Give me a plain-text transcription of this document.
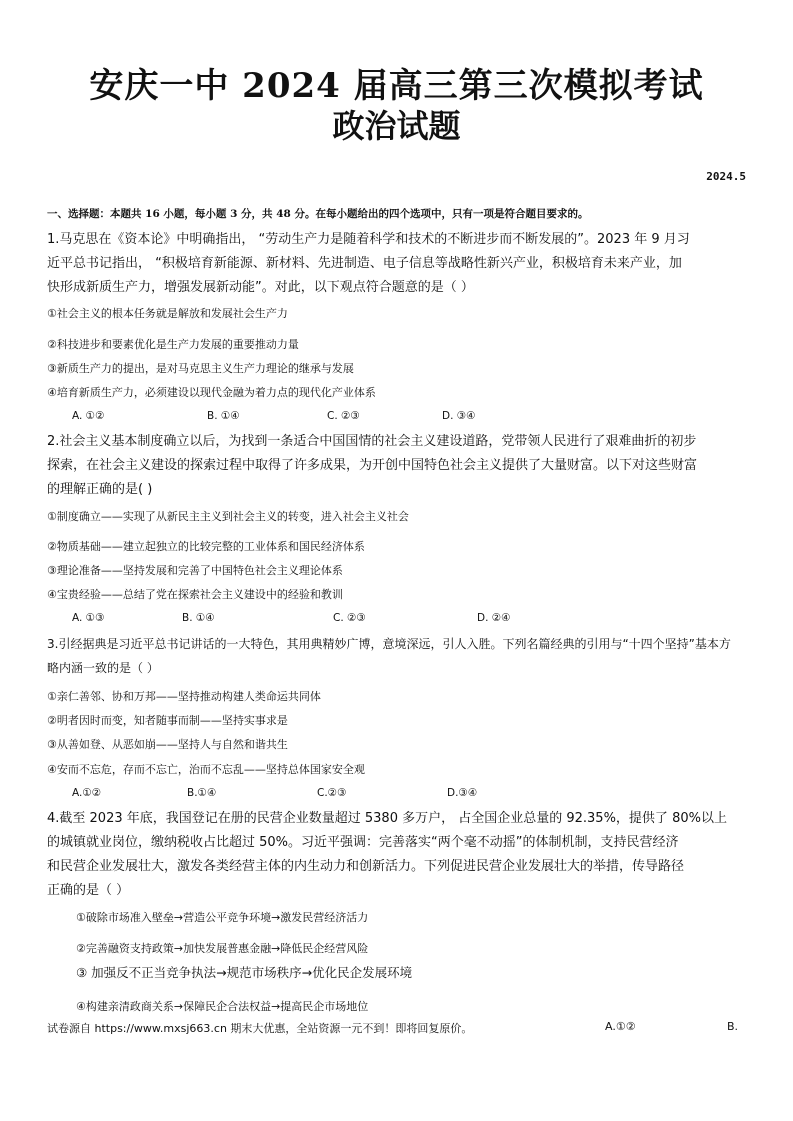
安庆一中 2024 届高三第三次模拟考试
政治试题
2024.5
一、选择题：本题共 16 小题，每小题 3 分，共 48 分。在每小题给出的四个选项中，只有一项是符合题目要求的。
1.马克思在《资本论》中明确指出， “劳动生产力是随着科学和技术的不断进步而不断发展的”。2023 年 9 月习
近平总书记指出， “积极培育新能源、新材料、先进制造、电子信息等战略性新兴产业，积极培育未来产业，加
快形成新质生产力，增强发展新动能”。对此，以下观点符合题意的是（ ）
①社会主义的根本任务就是解放和发展社会生产力
②科技进步和要素优化是生产力发展的重要推动力量
③新质生产力的提出，是对马克思主义生产力理论的继承与发展
④培育新质生产力，必须建设以现代金融为着力点的现代化产业体系
A. ①②	B. ①④	C. ②③	D. ③④
2.社会主义基本制度确立以后，为找到一条适合中国国情的社会主义建设道路，党带领人民进行了艰难曲折的初步
探索，在社会主义建设的探索过程中取得了许多成果，为开创中国特色社会主义提供了大量财富。以下对这些财富
的理解正确的是( )
①制度确立——实现了从新民主主义到社会主义的转变，进入社会主义社会
②物质基础——建立起独立的比较完整的工业体系和国民经济体系
③理论准备——坚持发展和完善了中国特色社会主义理论体系
④宝贵经验——总结了党在探索社会主义建设中的经验和教训
A. ①③	B. ①④	C. ②③	D. ②④
3.引经据典是习近平总书记讲话的一大特色，其用典精妙广博，意境深远，引人入胜。下列名篇经典的引用与“十四个坚持”基本方
略内涵一致的是（ ）
①亲仁善邻、协和万邦——坚持推动构建人类命运共同体
②明者因时而变，知者随事而制——坚持实事求是
③从善如登、从恶如崩——坚持人与自然和谐共生
④安而不忘危，存而不忘亡，治而不忘乱——坚持总体国家安全观
A.①②	B.①④	C.②③	D.③④
4.截至 2023 年底，我国登记在册的民营企业数量超过 5380 多万户， 占全国企业总量的 92.35%，提供了 80%以上
的城镇就业岗位，缴纳税收占比超过 50%。习近平强调：完善落实“两个毫不动摇”的体制机制，支持民营经济
和民营企业发展壮大，激发各类经营主体的内生动力和创新活力。下列促进民营企业发展壮大的举措，传导路径
正确的是（ ）
①破除市场准入壁垒→营造公平竞争环境→激发民营经济活力
②完善融资支持政策→加快发展普惠金融→降低民企经营风险
③ 加强反不正当竞争执法→规范市场秩序→优化民企发展环境
④构建亲清政商关系→保障民企合法权益→提高民企市场地位
试卷源自 https://www.mxsj663.cn 期末大优惠，全站资源一元不到！即将回复原价。	A.①②	B.
